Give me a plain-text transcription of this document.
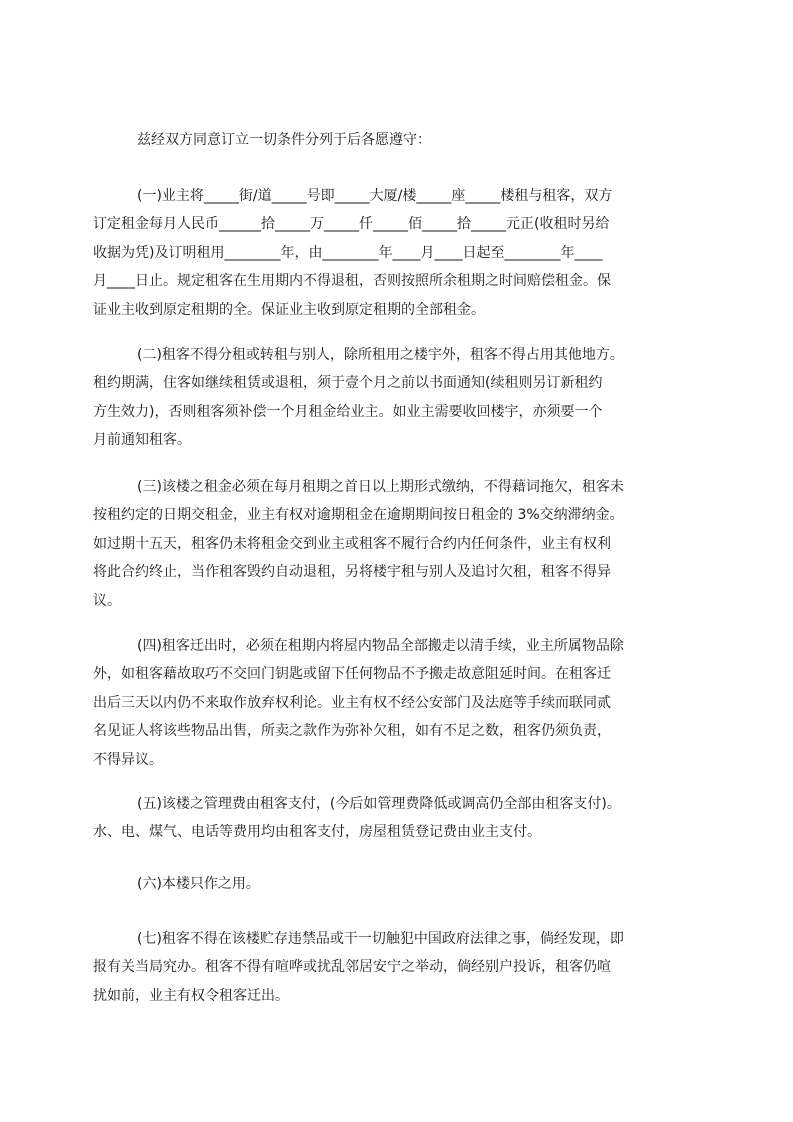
兹经双方同意订立一切条件分列于后各愿遵守：

(一)业主将_____街/道_____号即_____大厦/楼_____座_____楼租与租客，双方
订定租金每月人民币______拾_____万_____仟_____佰_____拾_____元正(收租时另给
收据为凭)及订明租用________年，由________年____月____日起至________年____
月____日止。规定租客在生用期内不得退租，否则按照所余租期之时间赔偿租金。保
证业主收到原定租期的全。保证业主收到原定租期的全部租金。
(二)租客不得分租或转租与别人，除所租用之楼宇外，租客不得占用其他地方。
租约期满，住客如继续租赁或退租，须于壹个月之前以书面通知(续租则另订新租约
方生效力)，否则租客须补偿一个月租金给业主。如业主需要收回楼宇，亦须要一个
月前通知租客。
(三)该楼之租金必须在每月租期之首日以上期形式缴纳，不得藉词拖欠，租客未
按租约定的日期交租金，业主有权对逾期租金在逾期期间按日租金的 3%交纳滞纳金。
如过期十五天，租客仍未将租金交到业主或租客不履行合约内任何条件，业主有权利
将此合约终止，当作租客毁约自动退租，另将楼宇租与别人及追讨欠租，租客不得异
议。
(四)租客迁出时，必须在租期内将屋内物品全部搬走以清手续，业主所属物品除
外，如租客藉故取巧不交回门钥匙或留下任何物品不予搬走故意阻延时间。在租客迁
出后三天以内仍不来取作放弃权利论。业主有权不经公安部门及法庭等手续而联同贰
名见证人将该些物品出售，所卖之款作为弥补欠租，如有不足之数，租客仍须负责，
不得异议。
(五)该楼之管理费由租客支付，(今后如管理费降低或调高仍全部由租客支付)。
水、电、煤气、电话等费用均由租客支付，房屋租赁登记费由业主支付。
(六)本楼只作之用。
(七)租客不得在该楼贮存违禁品或干一切触犯中国政府法律之事，倘经发现，即
报有关当局究办。租客不得有喧哗或扰乱邻居安宁之举动，倘经别户投诉，租客仍喧
扰如前，业主有权令租客迁出。
